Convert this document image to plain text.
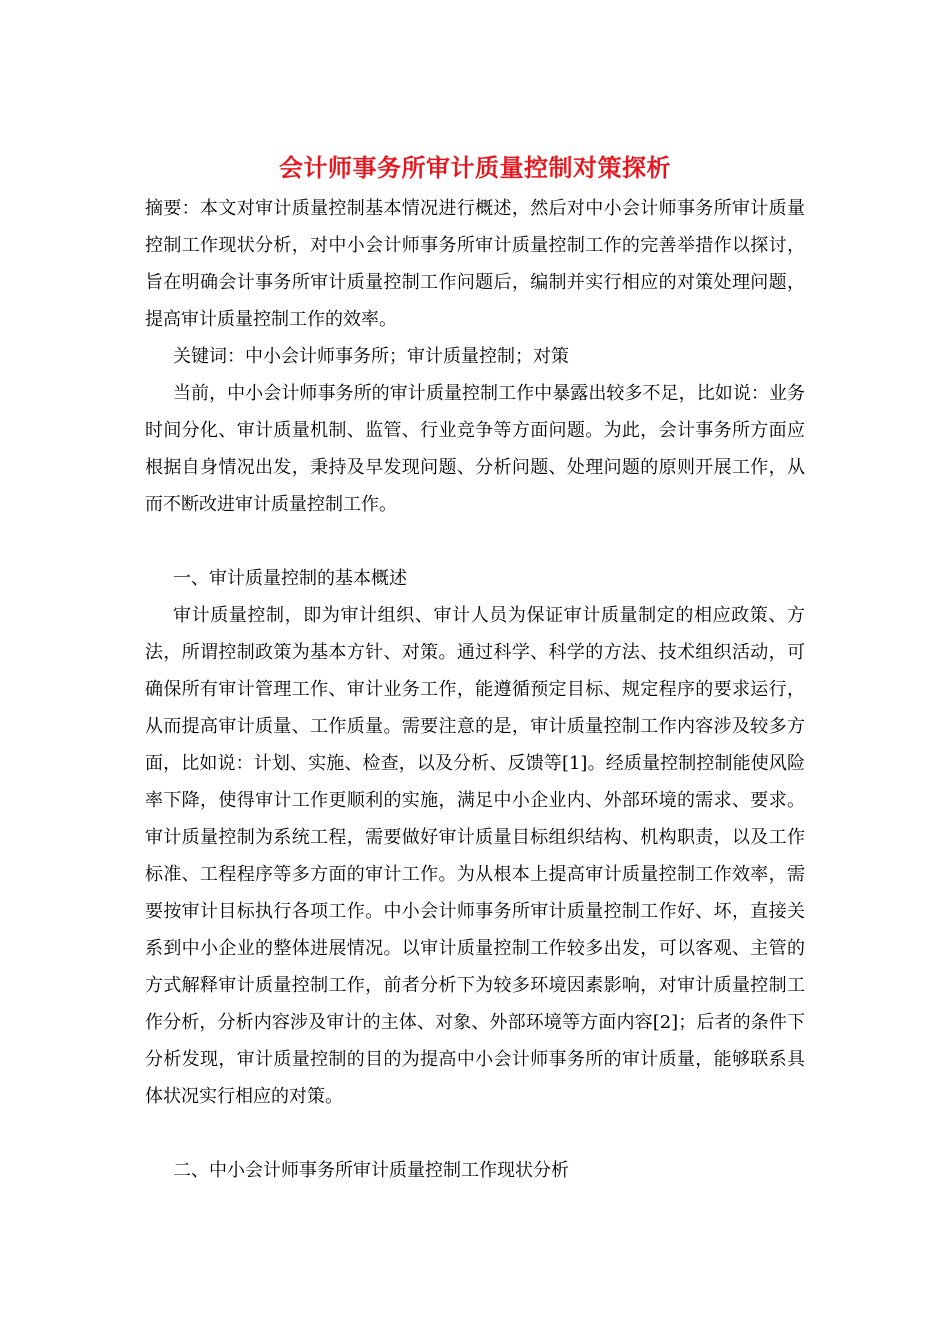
会计师事务所审计质量控制对策探析

摘要：本文对审计质量控制基本情况进行概述，然后对中小会计师事务所审计质量控制工作现状分析，对中小会计师事务所审计质量控制工作的完善举措作以探讨，旨在明确会计事务所审计质量控制工作问题后，编制并实行相应的对策处理问题，提高审计质量控制工作的效率。

关键词：中小会计师事务所；审计质量控制；对策

当前，中小会计师事务所的审计质量控制工作中暴露出较多不足，比如说：业务时间分化、审计质量机制、监管、行业竞争等方面问题。为此，会计事务所方面应根据自身情况出发，秉持及早发现问题、分析问题、处理问题的原则开展工作，从而不断改进审计质量控制工作。

一、审计质量控制的基本概述

审计质量控制，即为审计组织、审计人员为保证审计质量制定的相应政策、方法，所谓控制政策为基本方针、对策。通过科学、科学的方法、技术组织活动，可确保所有审计管理工作、审计业务工作，能遵循预定目标、规定程序的要求运行，从而提高审计质量、工作质量。需要注意的是，审计质量控制工作内容涉及较多方面，比如说：计划、实施、检查，以及分析、反馈等[1]。经质量控制控制能使风险率下降，使得审计工作更顺利的实施，满足中小企业内、外部环境的需求、要求。审计质量控制为系统工程，需要做好审计质量目标组织结构、机构职责，以及工作标准、工程程序等多方面的审计工作。为从根本上提高审计质量控制工作效率，需要按审计目标执行各项工作。中小会计师事务所审计质量控制工作好、坏，直接关系到中小企业的整体进展情况。以审计质量控制工作较多出发，可以客观、主管的方式解释审计质量控制工作，前者分析下为较多环境因素影响，对审计质量控制工作分析，分析内容涉及审计的主体、对象、外部环境等方面内容[2]；后者的条件下分析发现，审计质量控制的目的为提高中小会计师事务所的审计质量，能够联系具体状况实行相应的对策。

二、中小会计师事务所审计质量控制工作现状分析
